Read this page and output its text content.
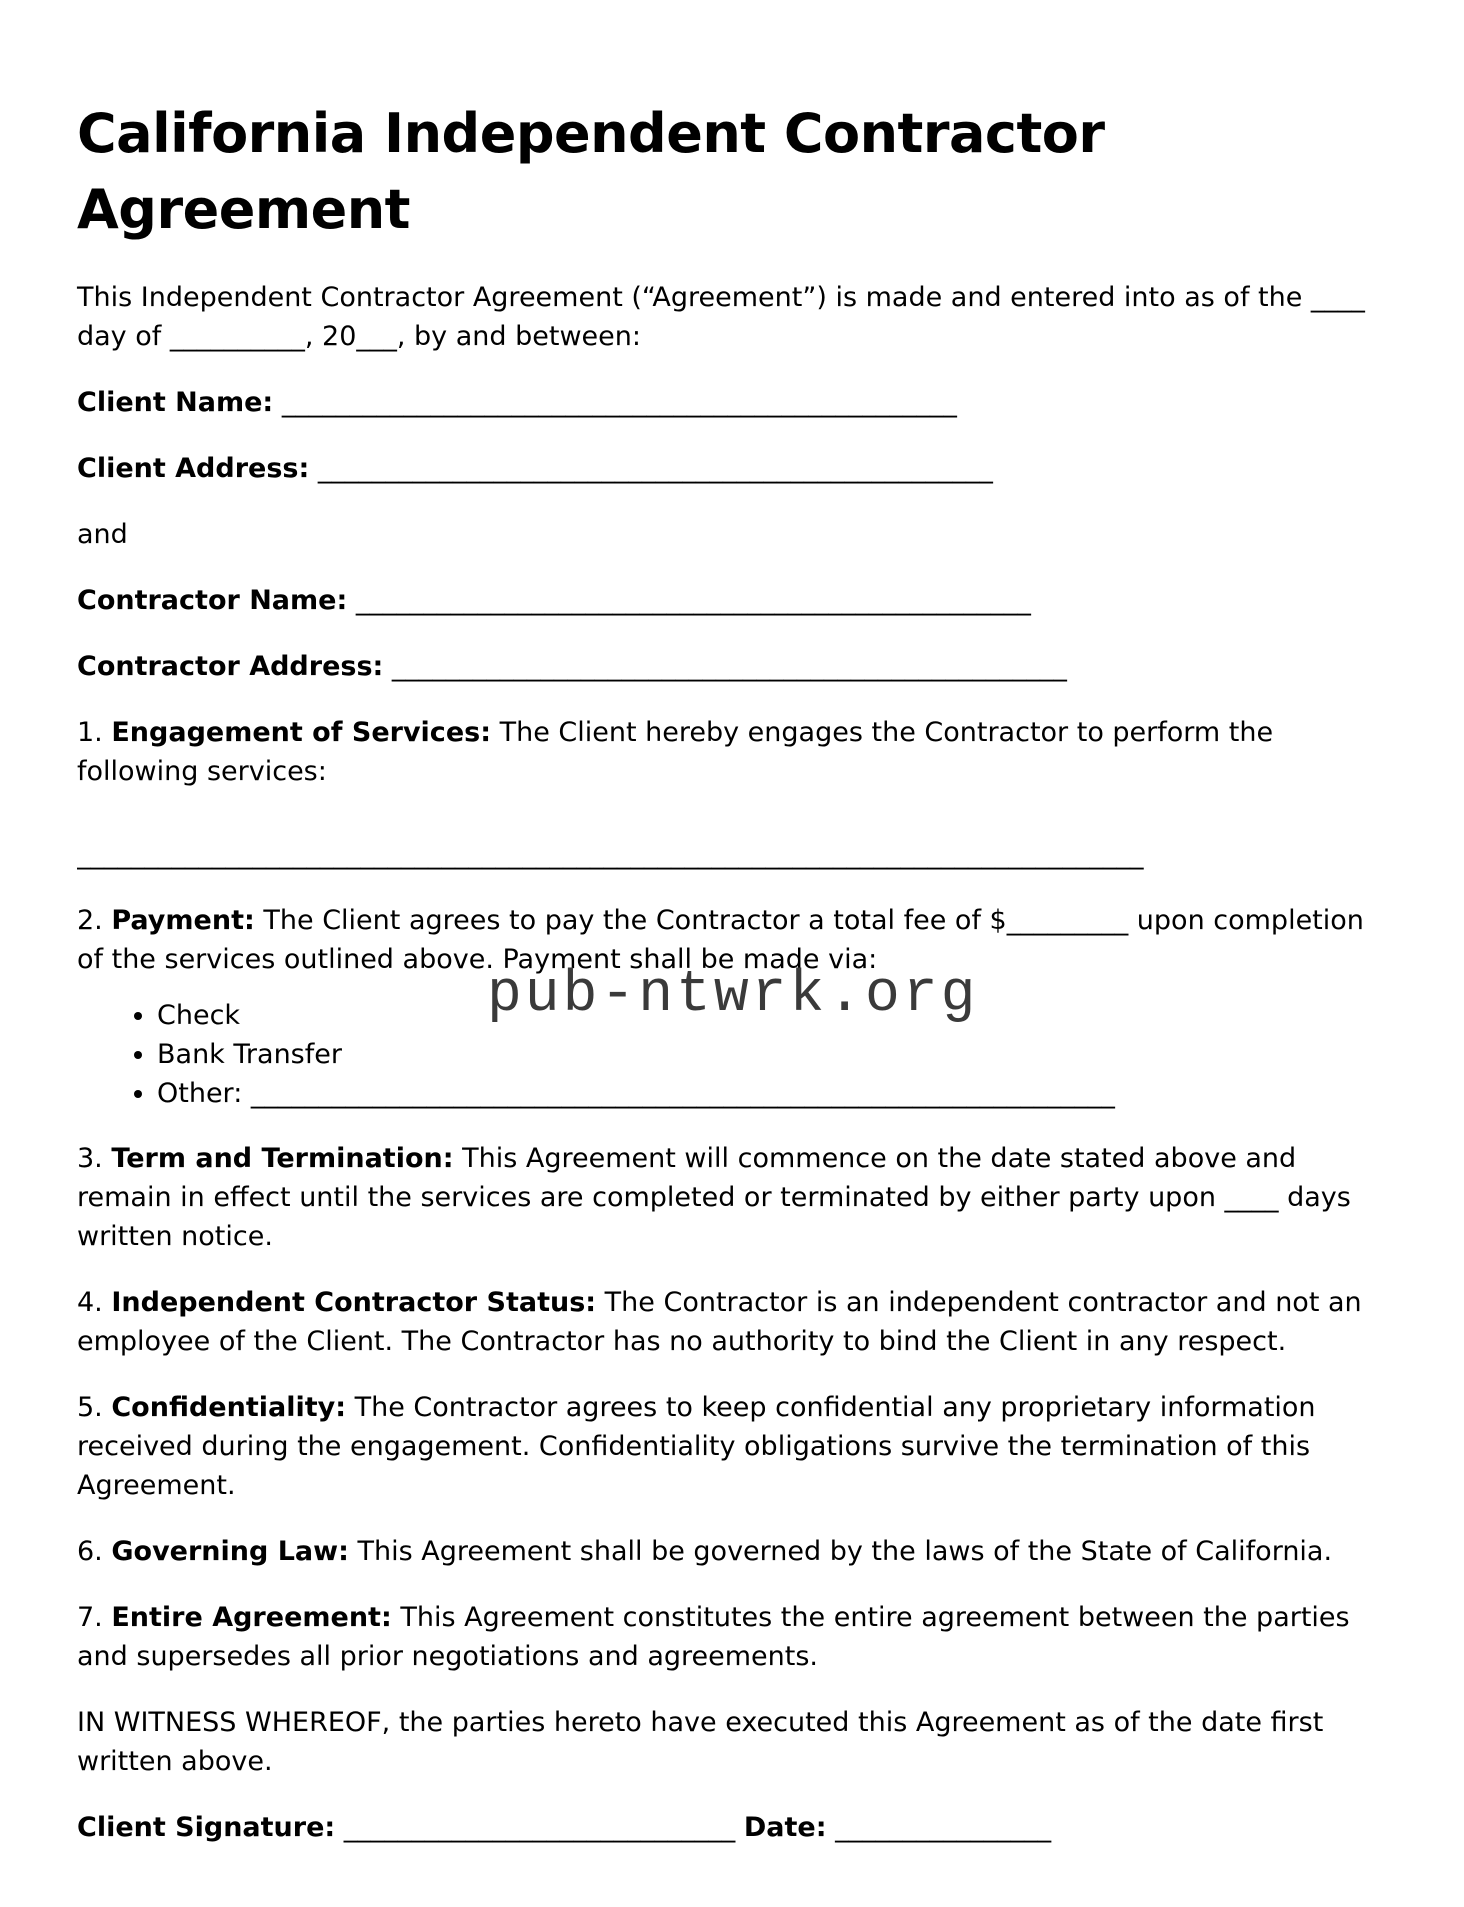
California Independent Contractor Agreement

This Independent Contractor Agreement (“Agreement”) is made and entered into as of the ____ day of __________, 20___, by and between:

Client Name: __________________________________________________

Client Address: __________________________________________________

and

Contractor Name: __________________________________________________

Contractor Address: __________________________________________________

1. Engagement of Services: The Client hereby engages the Contractor to perform the following services:

_______________________________________________________________________________

2. Payment: The Client agrees to pay the Contractor a total fee of $_________ upon completion of the services outlined above. Payment shall be made via:

pub-ntwrk.org
• Check
• Bank Transfer
• Other: ________________________________________________________________

3. Term and Termination: This Agreement will commence on the date stated above and remain in effect until the services are completed or terminated by either party upon ____ days written notice.

4. Independent Contractor Status: The Contractor is an independent contractor and not an employee of the Client. The Contractor has no authority to bind the Client in any respect.

5. Confidentiality: The Contractor agrees to keep confidential any proprietary information received during the engagement. Confidentiality obligations survive the termination of this Agreement.

6. Governing Law: This Agreement shall be governed by the laws of the State of California.

7. Entire Agreement: This Agreement constitutes the entire agreement between the parties and supersedes all prior negotiations and agreements.

IN WITNESS WHEREOF, the parties hereto have executed this Agreement as of the date first written above.

Client Signature: _____________________________ Date: ________________
